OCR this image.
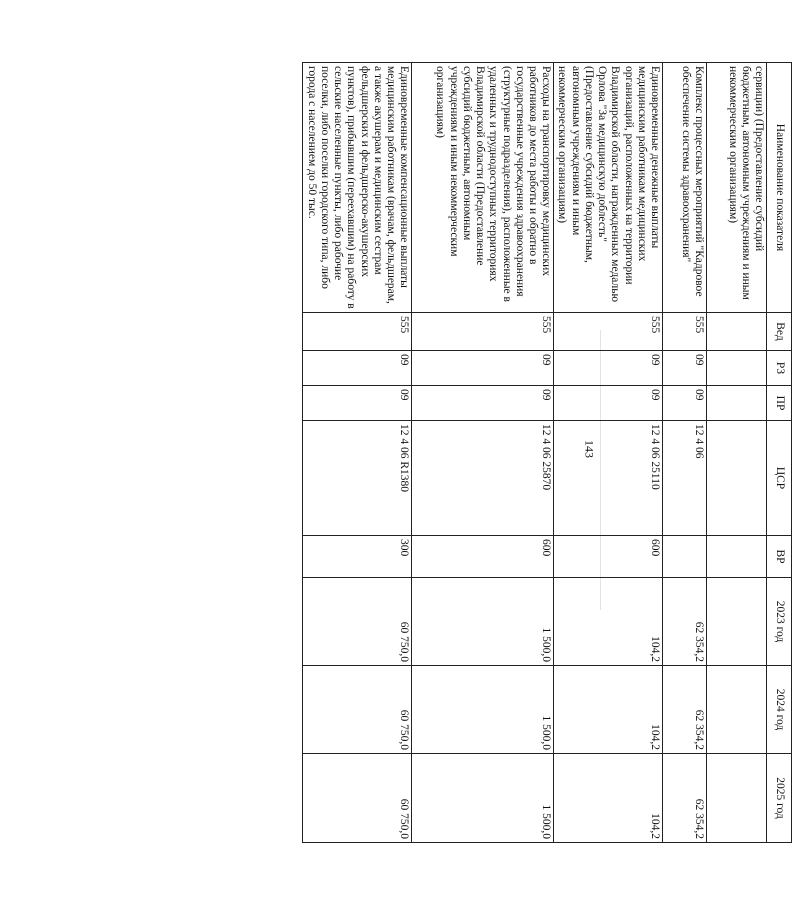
143
Наименование показателя	Вед	РЗ	ПР	ЦСР	ВР	2023 год	2024 год	2025 год
сервиции) (Предоставление субсидий бюджетным, автономным учреждениям и иным некоммерческим организациям)								
Комплекс процессных мероприятий "Кадровое обеспечение системы здравоохранения"	555	09	09	12 4 06		62 354,2	62 354,2	62 354,2
Единовременные денежные выплаты медицинским работникам медицинских организаций, расположенных на территории Владимирской области, награжденных медалью Орлова "За медицинскую доблесть" (Предоставление субсидий бюджетным, автономным учреждениям и иным некоммерческим организациям)	555	09	09	12 4 06 25110	600	104,2	104,2	104,2
Расходы на транспортировку медицинских работников до места работы и обратно в государственные учреждения здравоохранения (структурные подразделения), расположенные в удаленных и труднодоступных территориях Владимирской области (Предоставление субсидий бюджетным, автономным учреждениям и иным некоммерческим организациям)	555	09	09	12 4 06 25870	600	1 500,0	1 500,0	1 500,0
Единовременные компенсационные выплаты медицинским работникам (врачам, фельдшерам, а также акушерам и медицинским сестрам фельдшерских и фельдшерско-акушерских пунктов), прибывшим (переехавшим) на работу в сельские населенные пункты, либо рабочие поселки, либо поселки городского типа, либо города с населением до 50 тыс.	555	09	09	12 4 06 R1380	300	60 750,0	60 750,0	60 750,0
